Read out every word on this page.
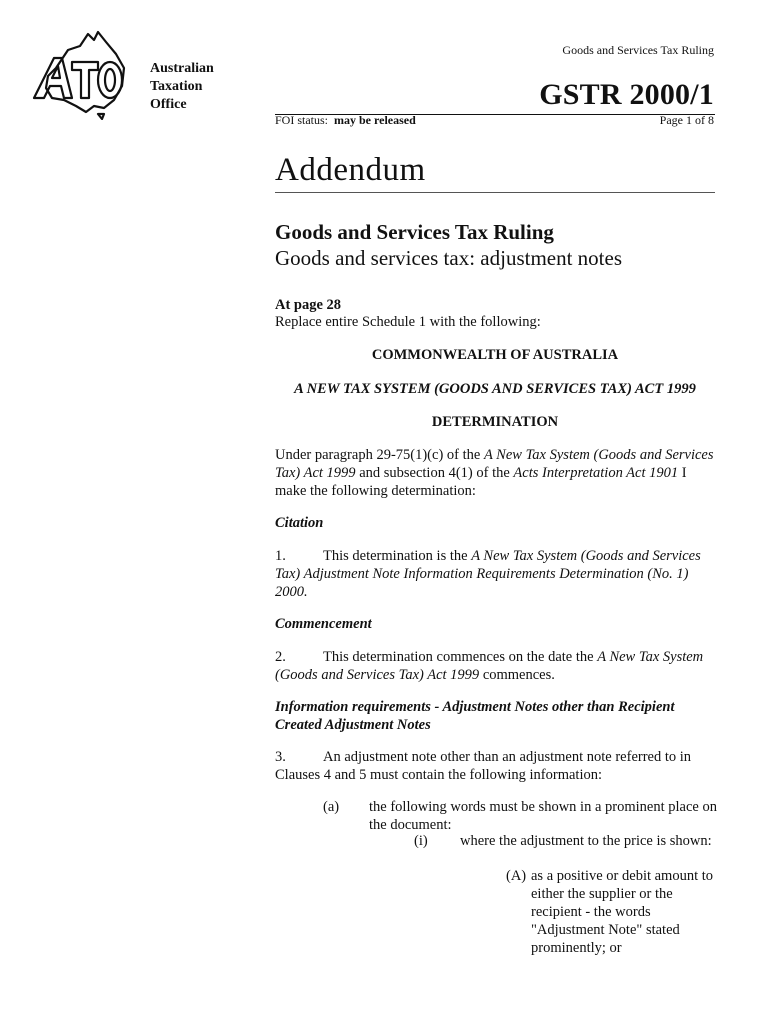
Australian
Taxation
Office
Goods and Services Tax Ruling
GSTR 2000/1
FOI status: may be released	Page 1 of 8
Addendum
Goods and Services Tax Ruling
Goods and services tax: adjustment notes
At page 28
Replace entire Schedule 1 with the following:
COMMONWEALTH OF AUSTRALIA
A NEW TAX SYSTEM (GOODS AND SERVICES TAX) ACT 1999
DETERMINATION
Under paragraph 29-75(1)(c) of the A New Tax System (Goods and Services Tax) Act 1999 and subsection 4(1) of the Acts Interpretation Act 1901 I make the following determination:
Citation
1.	This determination is the A New Tax System (Goods and Services Tax) Adjustment Note Information Requirements Determination (No. 1) 2000.
Commencement
2.	This determination commences on the date the A New Tax System (Goods and Services Tax) Act 1999 commences.
Information requirements - Adjustment Notes other than Recipient Created Adjustment Notes
3.	An adjustment note other than an adjustment note referred to in Clauses 4 and 5 must contain the following information:
(a) the following words must be shown in a prominent place on the document:
(i) where the adjustment to the price is shown:
(A) as a positive or debit amount to either the supplier or the recipient - the words "Adjustment Note" stated prominently; or
